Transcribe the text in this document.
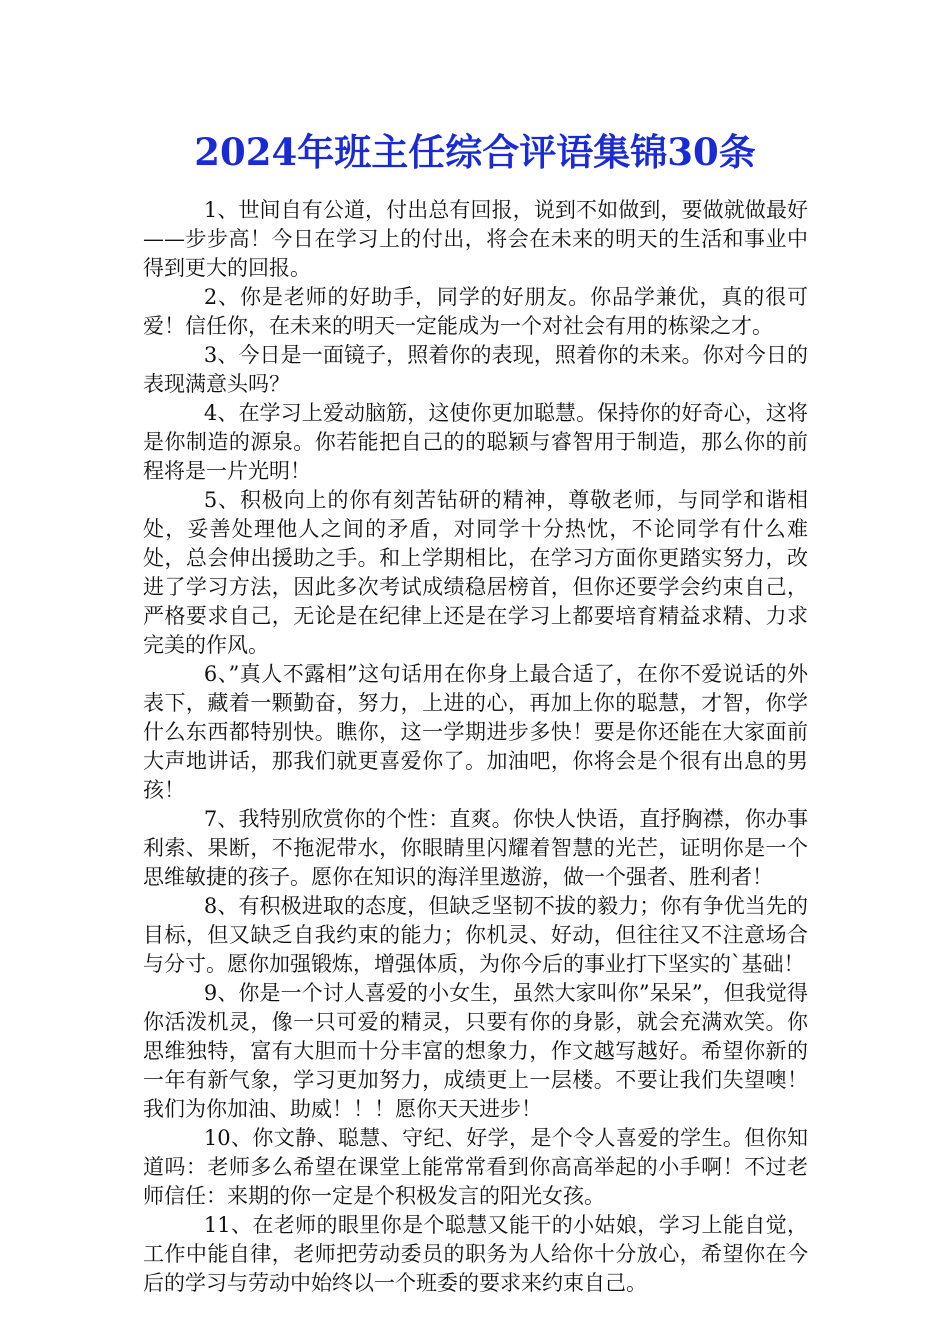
2024年班主任综合评语集锦30条

1、世间自有公道，付出总有回报，说到不如做到，要做就做最好——步步高！今日在学习上的付出，将会在未来的明天的生活和事业中得到更大的回报。

2、你是老师的好助手，同学的好朋友。你品学兼优，真的很可爱！信任你，在未来的明天一定能成为一个对社会有用的栋梁之才。

3、今日是一面镜子，照着你的表现，照着你的未来。你对今日的表现满意头吗？

4、在学习上爱动脑筋，这使你更加聪慧。保持你的好奇心，这将是你制造的源泉。你若能把自己的的聪颖与睿智用于制造，那么你的前程将是一片光明！

5、积极向上的你有刻苦钻研的精神，尊敬老师，与同学和谐相处，妥善处理他人之间的矛盾，对同学十分热忱，不论同学有什么难处，总会伸出援助之手。和上学期相比，在学习方面你更踏实努力，改进了学习方法，因此多次考试成绩稳居榜首，但你还要学会约束自己，严格要求自己，无论是在纪律上还是在学习上都要培育精益求精、力求完美的作风。

6、”真人不露相”这句话用在你身上最合适了，在你不爱说话的外表下，藏着一颗勤奋，努力，上进的心，再加上你的聪慧，才智，你学什么东西都特别快。瞧你，这一学期进步多快！要是你还能在大家面前大声地讲话，那我们就更喜爱你了。加油吧，你将会是个很有出息的男孩！

7、我特别欣赏你的个性：直爽。你快人快语，直抒胸襟，你办事利索、果断，不拖泥带水，你眼睛里闪耀着智慧的光芒，证明你是一个思维敏捷的孩子。愿你在知识的海洋里遨游，做一个强者、胜利者！

8、有积极进取的态度，但缺乏坚韧不拔的毅力；你有争优当先的目标，但又缺乏自我约束的能力；你机灵、好动，但往往又不注意场合与分寸。愿你加强锻炼，增强体质，为你今后的事业打下坚实的`基础！

9、你是一个讨人喜爱的小女生，虽然大家叫你”呆呆”，但我觉得你活泼机灵，像一只可爱的精灵，只要有你的身影，就会充满欢笑。你思维独特，富有大胆而十分丰富的想象力，作文越写越好。希望你新的一年有新气象，学习更加努力，成绩更上一层楼。不要让我们失望噢！我们为你加油、助威！！！愿你天天进步！

10、你文静、聪慧、守纪、好学，是个令人喜爱的学生。但你知道吗：老师多么希望在课堂上能常常看到你高高举起的小手啊！不过老师信任：来期的你一定是个积极发言的阳光女孩。

11、在老师的眼里你是个聪慧又能干的小姑娘，学习上能自觉，工作中能自律，老师把劳动委员的职务为人给你十分放心，希望你在今后的学习与劳动中始终以一个班委的要求来约束自己。
